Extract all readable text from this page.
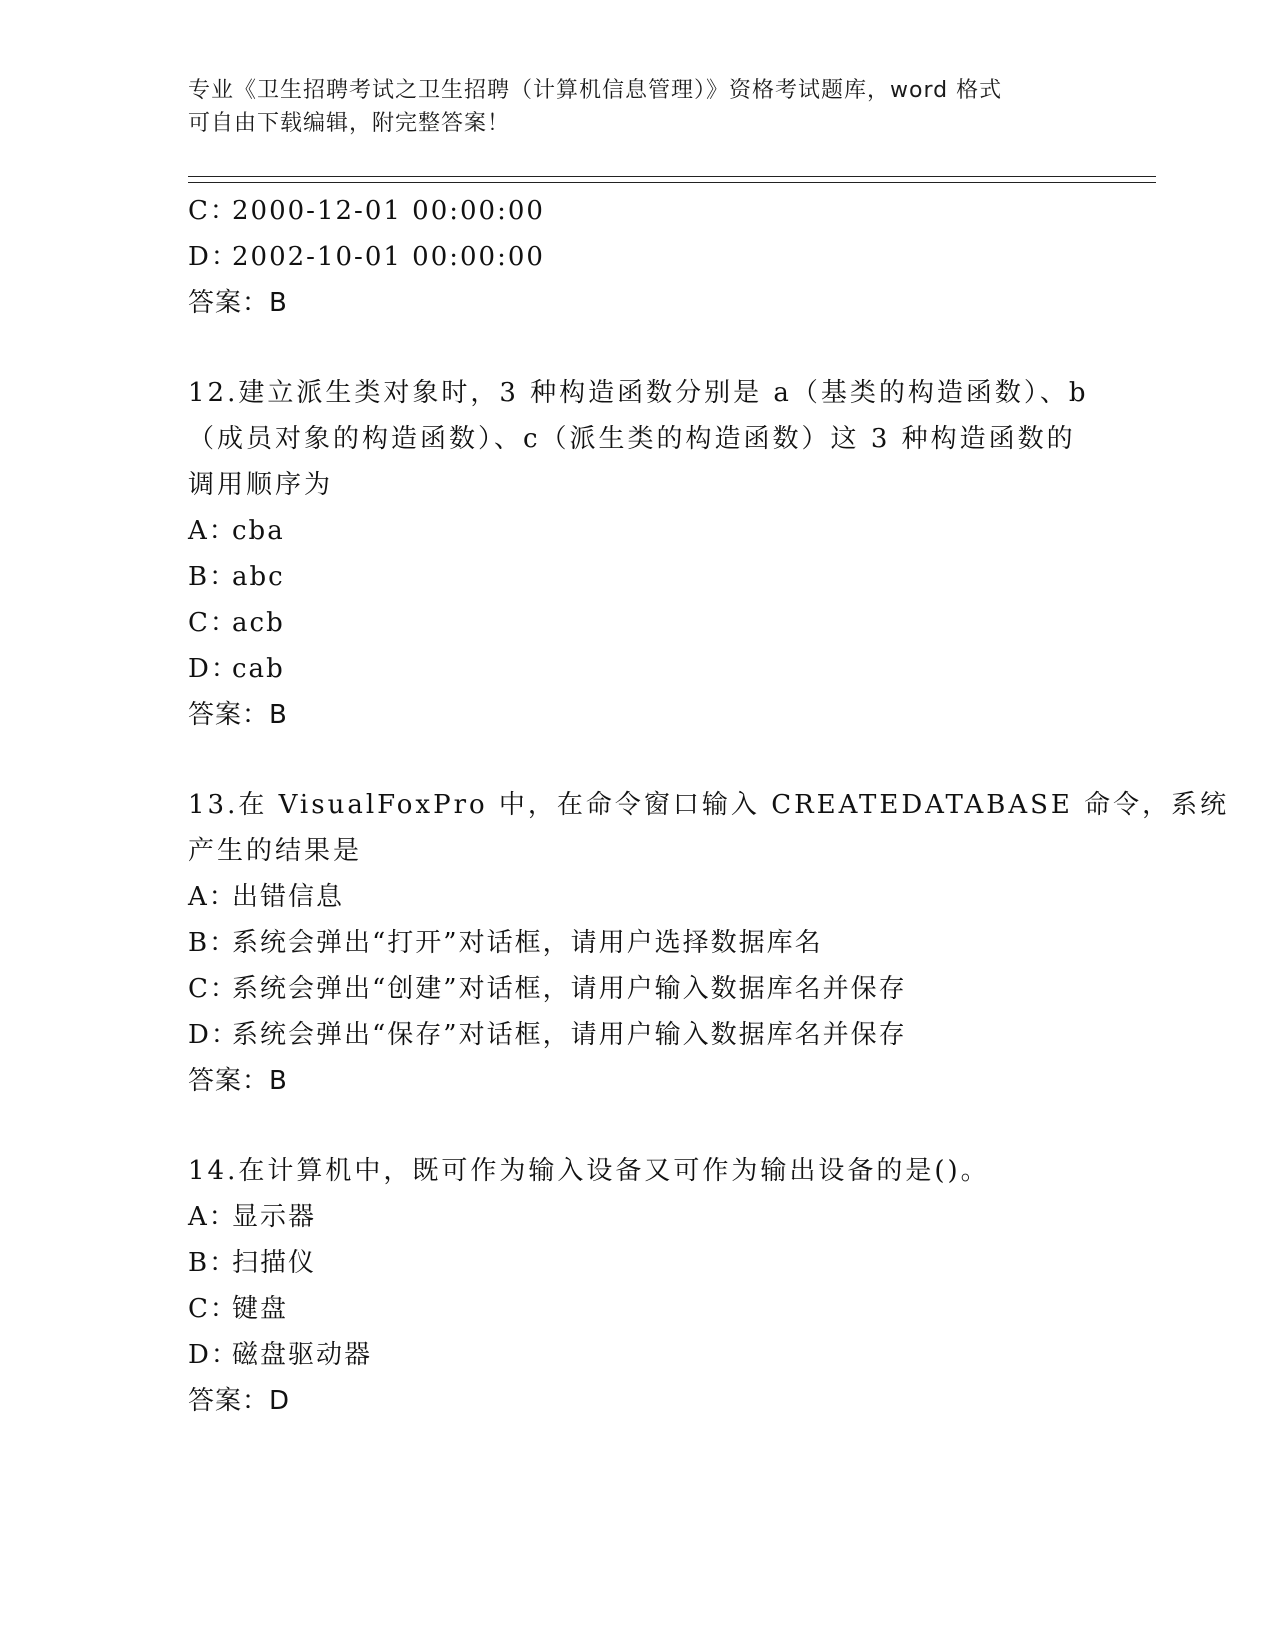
专业《卫生招聘考试之卫生招聘（计算机信息管理）》资格考试题库，word 格式
可自由下载编辑，附完整答案！
C：2000-12-01 00:00:00
D：2002-10-01 00:00:00
答案：B
12.建立派生类对象时，3 种构造函数分别是 a（基类的构造函数）、b
（成员对象的构造函数）、c（派生类的构造函数）这 3 种构造函数的
调用顺序为
A：cba
B：abc
C：acb
D：cab
答案：B
13.在 VisualFoxPro 中，在命令窗口输入 CREATEDATABASE 命令，系统
产生的结果是
A：出错信息
B：系统会弹出“打开”对话框，请用户选择数据库名
C：系统会弹出“创建”对话框，请用户输入数据库名并保存
D：系统会弹出“保存”对话框，请用户输入数据库名并保存
答案：B
14.在计算机中，既可作为输入设备又可作为输出设备的是()。
A：显示器
B：扫描仪
C：键盘
D：磁盘驱动器
答案：D
